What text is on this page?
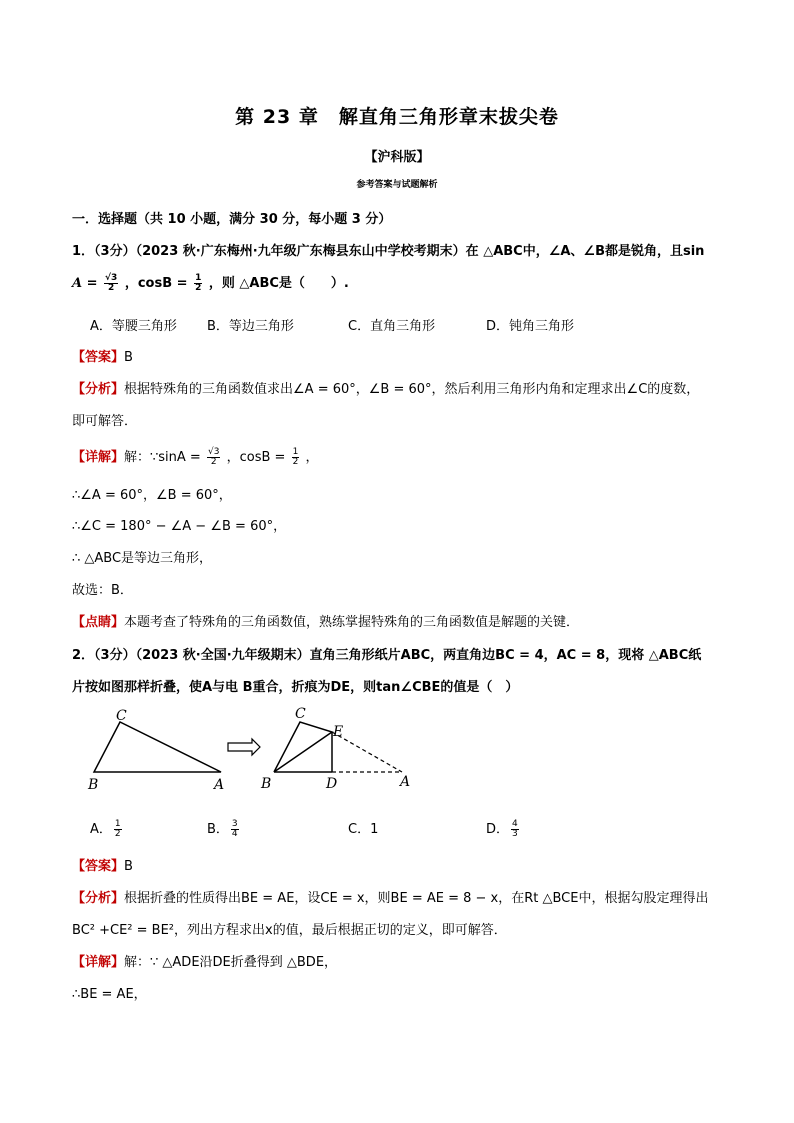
第 23 章　解直角三角形章末拔尖卷
【沪科版】
参考答案与试题解析
一．选择题（共 10 小题，满分 30 分，每小题 3 分）
1．（3分）（2023 秋·广东梅州·九年级广东梅县东山中学校考期末）在 △ABC中，∠A、∠B都是锐角，且sin
$A = \frac{√3}{2}$ ，$\cos B = \frac{1}{2}$ ，则 △ABC是（　　）.
A．等腰三角形 B．等边三角形	C．直角三角形	D．钝角三角形
【答案】B
【分析】根据特殊角的三角函数值求出∠A = 60°，∠B = 60°，然后利用三角形内角和定理求出∠C的度数，
即可解答．
【详解】解：∵sinA = $\frac{√3}{2}$ ，$\cos B = \frac{1}{2}$ ，
∴∠A = 60°，∠B = 60°，
∴∠C = 180° − ∠A − ∠B = 60°，
∴ △ABC是等边三角形，
故选：B．
【点睛】本题考查了特殊角的三角函数值，熟练掌握特殊角的三角函数值是解题的关键．
2．（3分）（2023 秋·全国·九年级期末）直角三角形纸片ABC，两直角边BC = 4，AC = 8，现将 △ABC纸
片按如图那样折叠，使A与电 B重合，折痕为DE，则tan∠CBE的值是（　）
C
B	A
C
E
B	D	A
A． $\frac{1}{2}$	B． $\frac{3}{4}$	C．1	D． $\frac{4}{3}$
【答案】B
【分析】根据折叠的性质得出BE = AE，设CE = x，则BE = AE = 8 − x，在Rt △BCE中，根据勾股定理得出
BC² +CE² = BE²，列出方程求出x的值，最后根据正切的定义，即可解答．
【详解】解：∵ △ADE沿DE折叠得到 △BDE，
∴BE = AE，
